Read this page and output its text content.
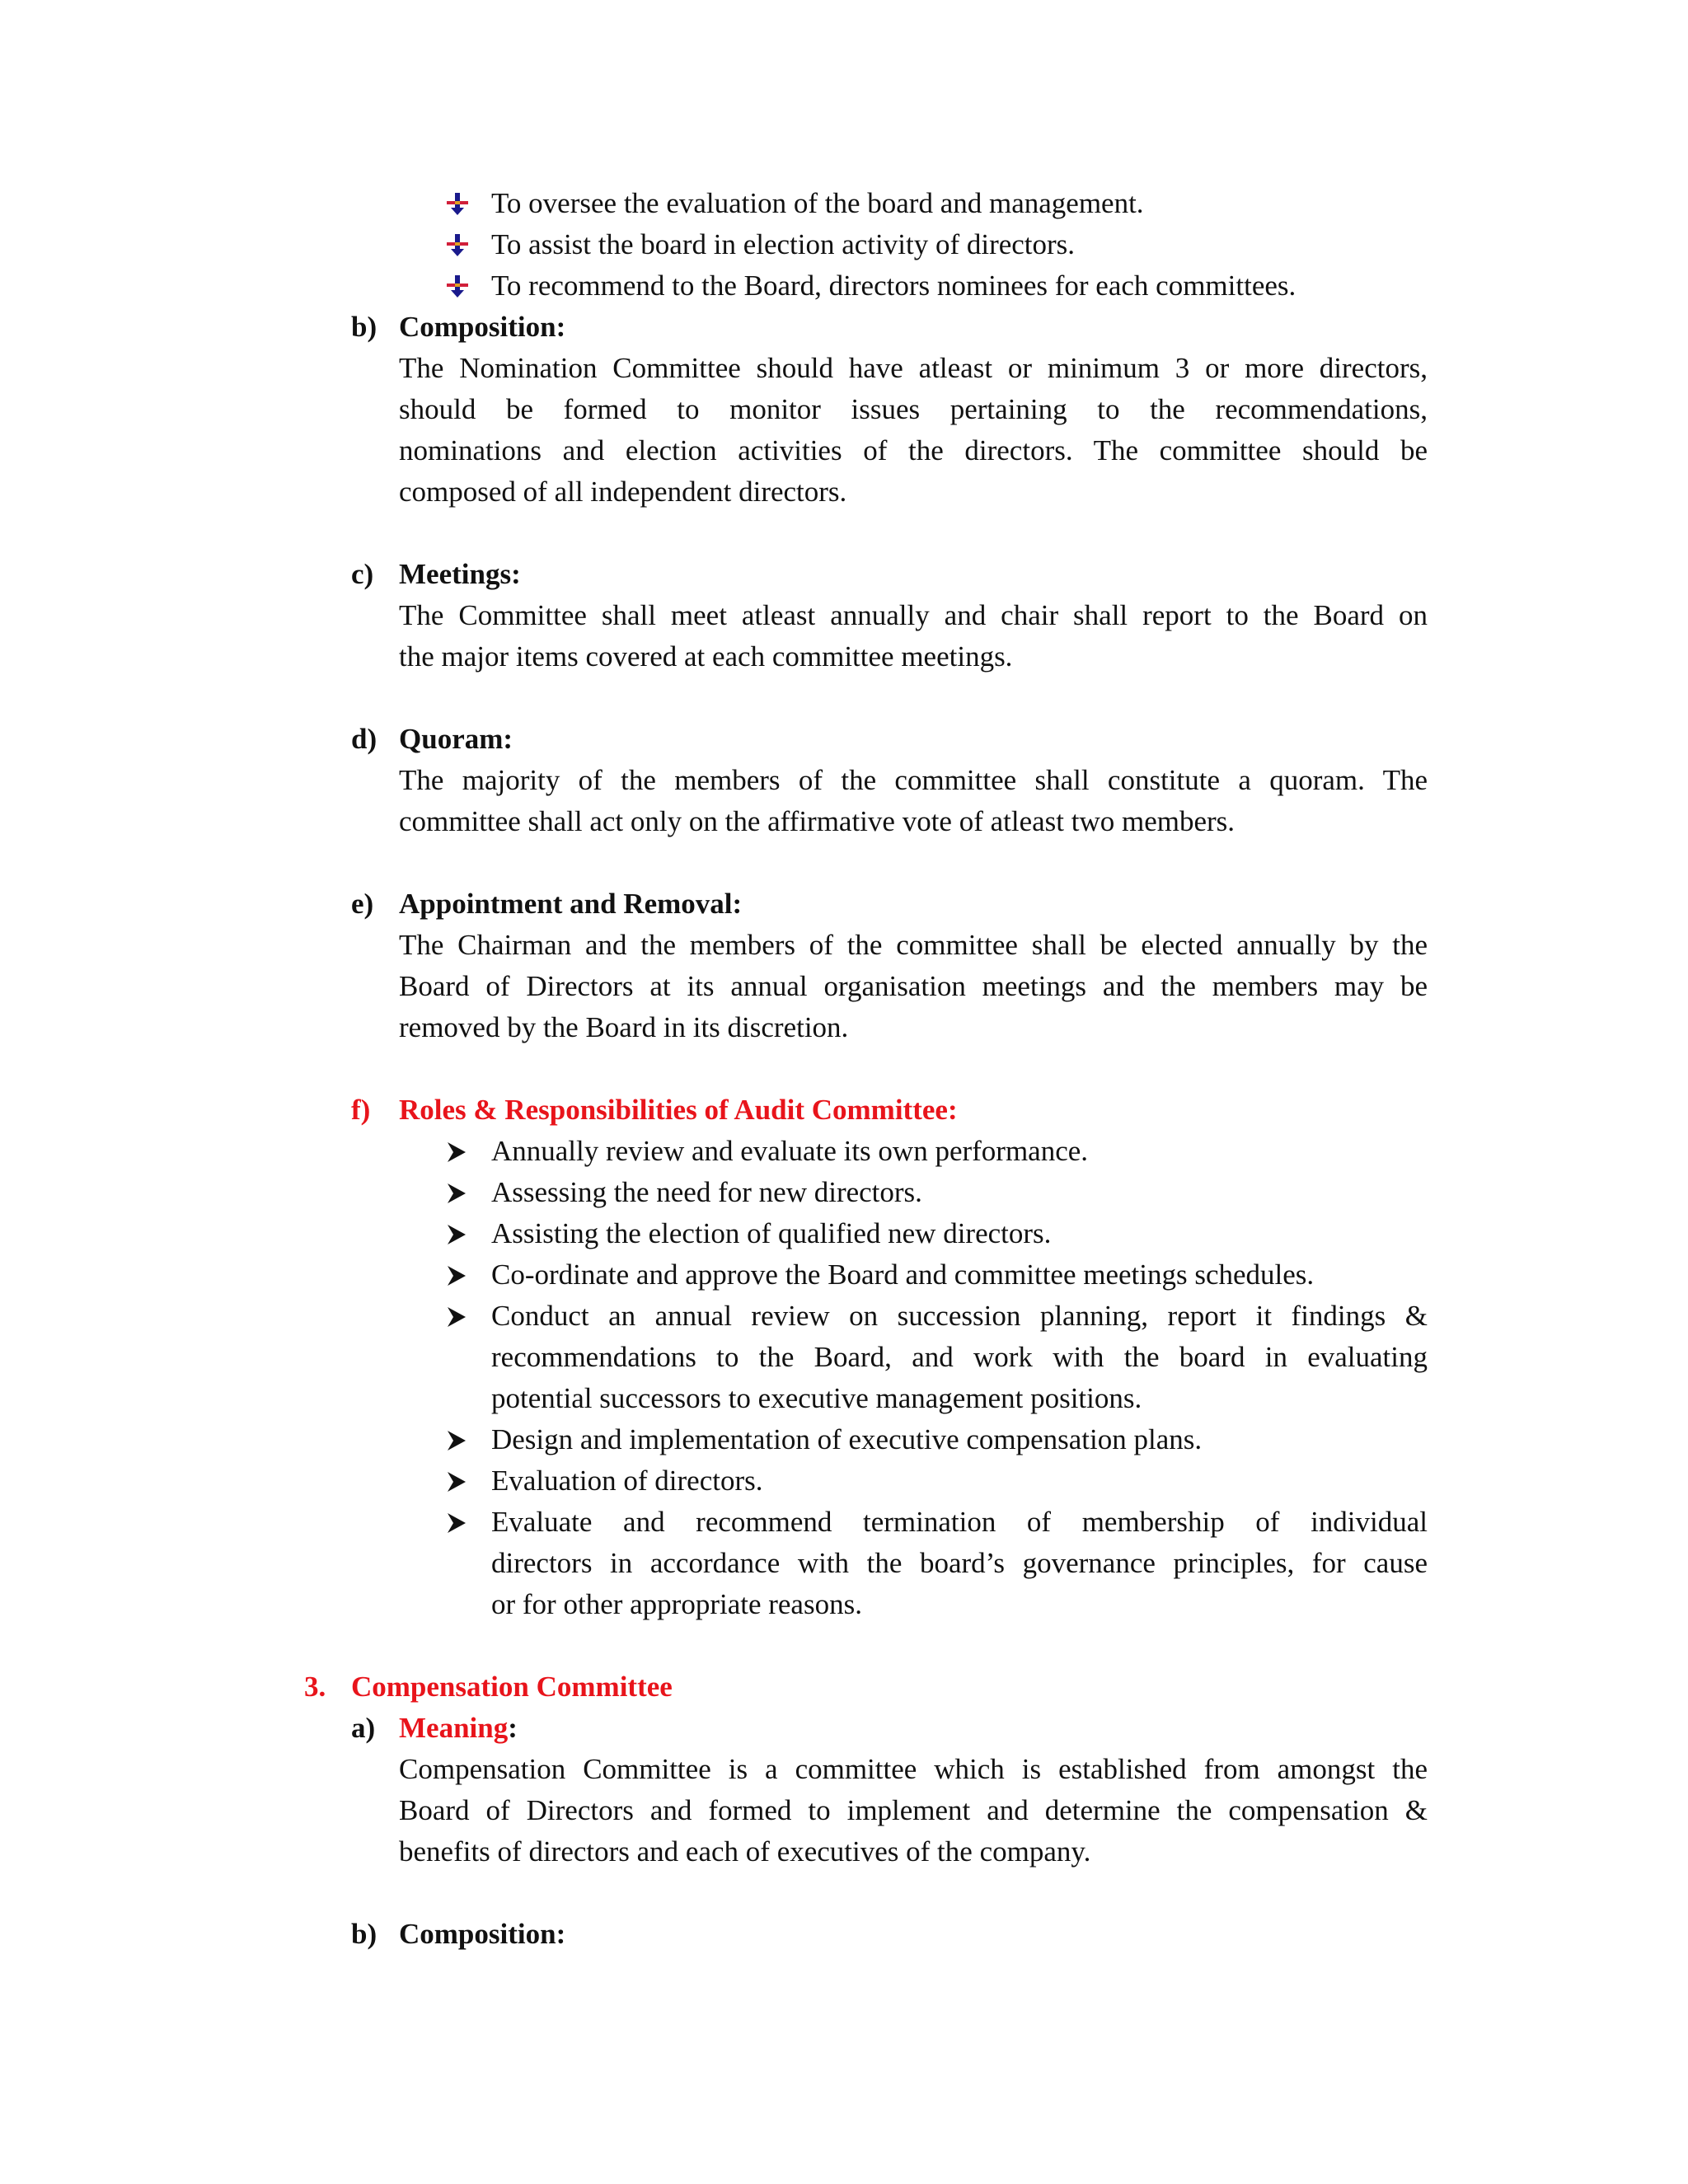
To oversee the evaluation of the board and management.
To assist the board in election activity of directors.
To recommend to the Board, directors nominees for each committees.
b) Composition:
The Nomination Committee should have atleast or minimum 3 or more directors,
should be formed to monitor issues pertaining to the recommendations,
nominations and election activities of the directors. The committee should be
composed of all independent directors.
c) Meetings:
The Committee shall meet atleast annually and chair shall report to the Board on
the major items covered at each committee meetings.
d) Quoram:
The majority of the members of the committee shall constitute a quoram. The
committee shall act only on the affirmative vote of atleast two members.
e) Appointment and Removal:
The Chairman and the members of the committee shall be elected annually by the
Board of Directors at its annual organisation meetings and the members may be
removed by the Board in its discretion.
f) Roles & Responsibilities of Audit Committee:
Annually review and evaluate its own performance.
Assessing the need for new directors.
Assisting the election of qualified new directors.
Co-ordinate and approve the Board and committee meetings schedules.
Conduct an annual review on succession planning, report it findings &
recommendations to the Board, and work with the board in evaluating
potential successors to executive management positions.
Design and implementation of executive compensation plans.
Evaluation of directors.
Evaluate and recommend termination of membership of individual
directors in accordance with the board’s governance principles, for cause
or for other appropriate reasons.
3. Compensation Committee
a) Meaning:
Compensation Committee is a committee which is established from amongst the
Board of Directors and formed to implement and determine the compensation &
benefits of directors and each of executives of the company.
b) Composition:
